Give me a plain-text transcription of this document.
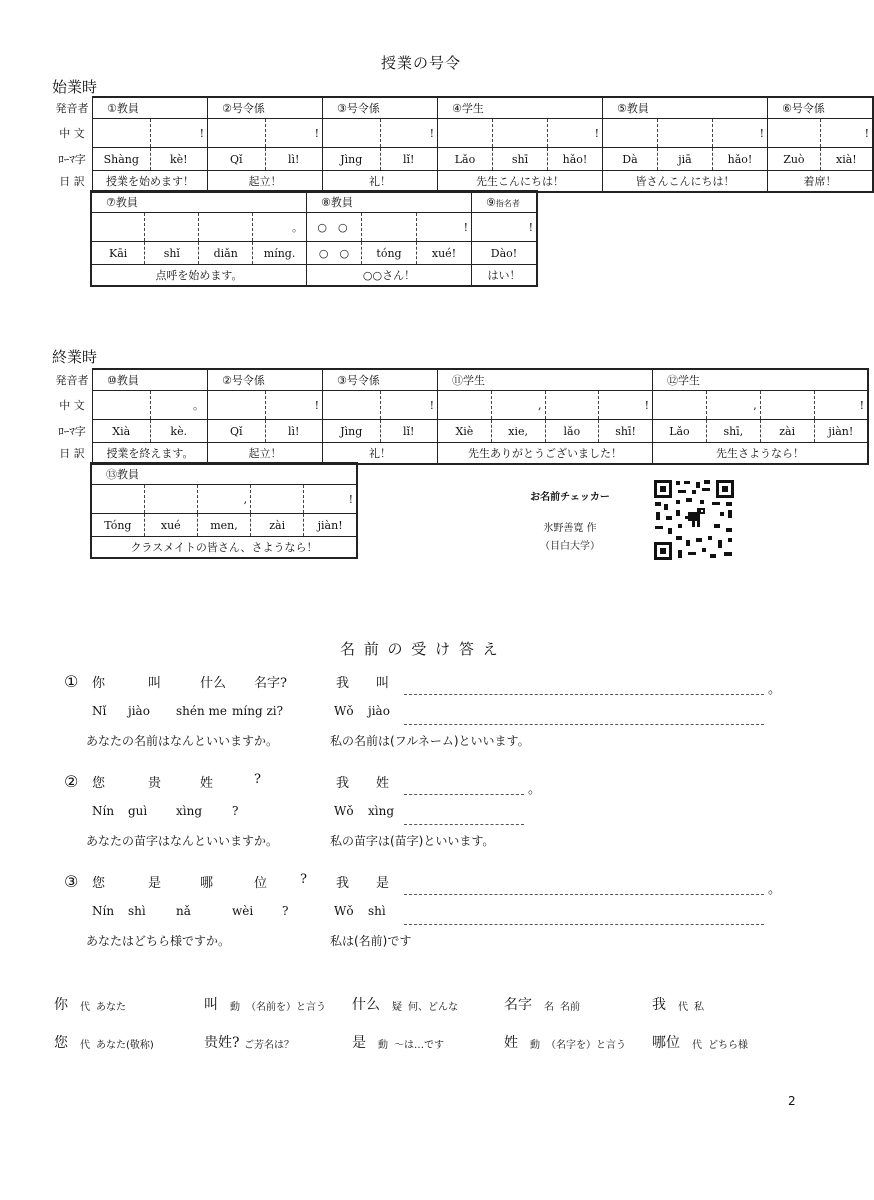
授業の号令
始業時
発音者	①教員		②号令係		③号令係		④学生			⑤教員			⑥号令係	
中 文		!		!		!			!			!		!
ﾛｰﾏ字	Shàng	kè!	Qǐ	lì!	Jìng	lǐ!	Lǎo	shī	hǎo!	Dà	jiā	hǎo!	Zuò	xià!
日 訳	授業を始めます！		起立！		礼！		先生こんにちは！			皆さんこんにちは！			着席！	
⑦教員				⑧教員			⑨指名者
			。	○　○		!	!
Kāi	shǐ	diǎn	míng.	○　○	tóng	xué!	Dào!
点呼を始めます。				○○さん！			はい！
終業時
発音者	⑩教員		②号令係		③号令係		⑪学生				⑫学生			
中 文		。		!		!		,		!		,		!
ﾛｰﾏ字	Xià	kè.	Qǐ	lì!	Jìng	lǐ!	Xiè	xie,	lǎo	shī!	Lǎo	shī,	zài	jiàn!
日 訳	授業を終えます。		起立！		礼！		先生ありがとうございました！				先生さようなら！			
⑬教員				
		,		!
Tóng	xué	men,	zài	jiàn!
クラスメイトの皆さん、さようなら！				
お名前チェッカー
氷野善寛 作
（目白大学）
名 前 の 受 け 答 え
① 你	叫	什么 名字?
Nǐ jiào shén me míng zi?
我 叫
Wǒ jiào
。
あなたの名前はなんといいますか。	私の名前は(フルネーム)といいます。
② 您	贵	姓	?
Nín guì xìng ?
我 姓
Wǒ xìng
。
あなたの苗字はなんといいますか。	私の苗字は(苗字)といいます。
③ 您	是	哪	位	?
Nín shì	nǎ	wèi ?
我 是
Wǒ shì
。
あなたはどちら様ですか。	私は(名前)です
你 代 あなた	叫 動 （名前を）と言う 什么 疑 何、どんな	名字 名 名前	我 代 私
您 代 あなた(敬称)	贵姓? ご芳名は？	是 動 〜は…です	姓 動 （名字を）と言う 哪位 代 どちら様
2
